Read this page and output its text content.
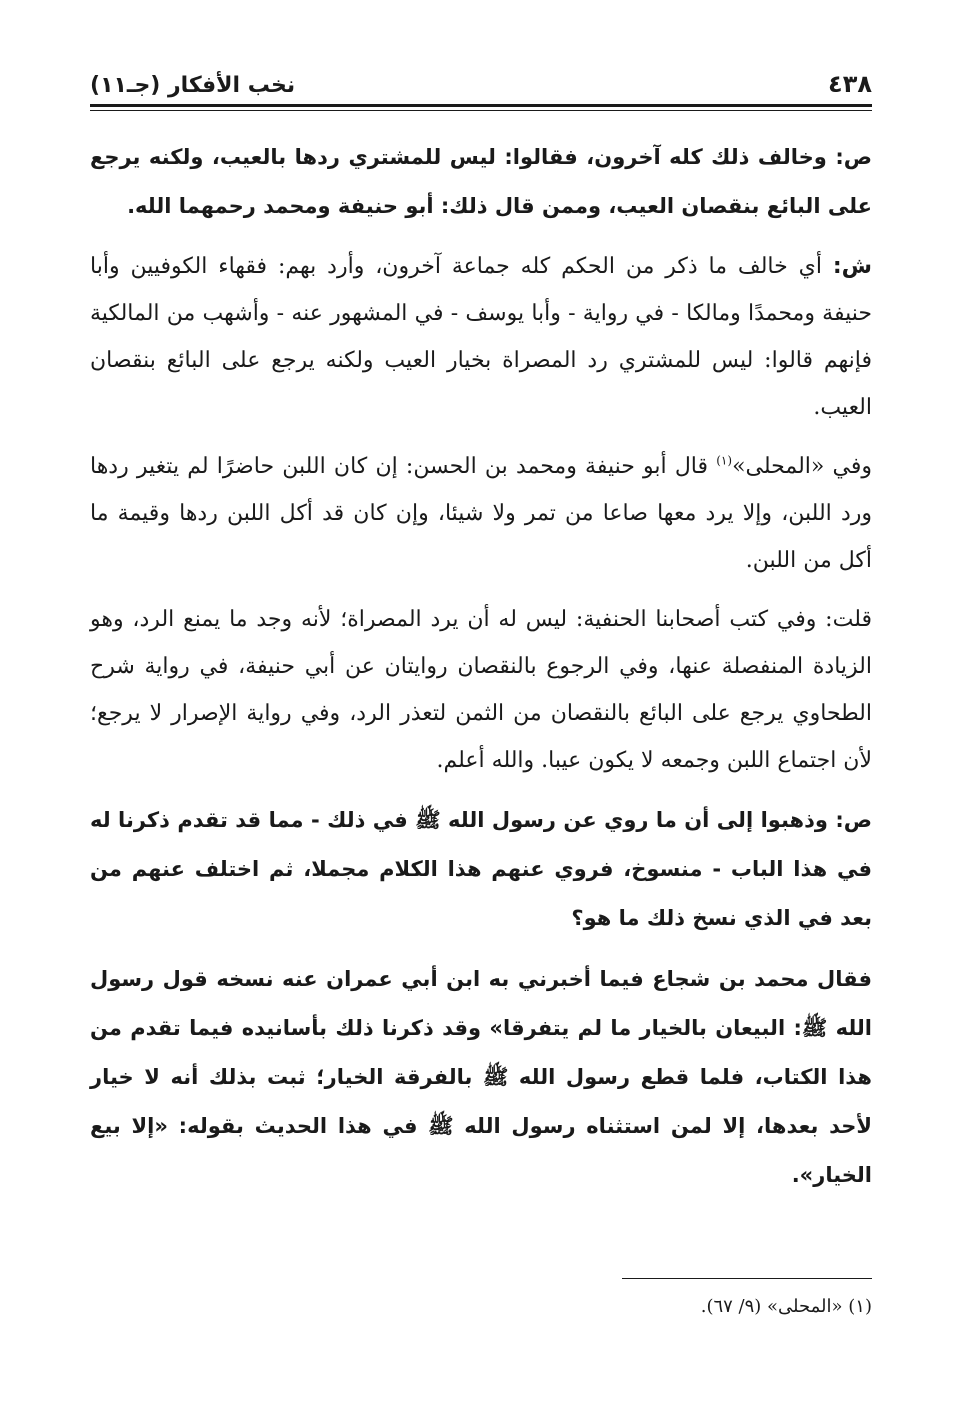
٤٣٨
نخب الأفكار (جـ١١)

ص: وخالف ذلك كله آخرون، فقالوا: ليس للمشتري ردها بالعيب، ولكنه يرجع على البائع بنقصان العيب، وممن قال ذلك: أبو حنيفة ومحمد رحمهما الله.

ش: أي خالف ما ذكر من الحكم كله جماعة آخرون، وأرد بهم: فقهاء الكوفيين وأبا حنيفة ومحمدًا ومالكا - في رواية - وأبا يوسف - في المشهور عنه - وأشهب من المالكية فإنهم قالوا: ليس للمشتري رد المصراة بخيار العيب ولكنه يرجع على البائع بنقصان العيب.

وفي «المحلى»$^{(١)}$ قال أبو حنيفة ومحمد بن الحسن: إن كان اللبن حاضرًا لم يتغير ردها ورد اللبن، وإلا يرد معها صاعا من تمر ولا شيئا، وإن كان قد أكل اللبن ردها وقيمة ما أكل من اللبن.

قلت: وفي كتب أصحابنا الحنفية: ليس له أن يرد المصراة؛ لأنه وجد ما يمنع الرد، وهو الزيادة المنفصلة عنها، وفي الرجوع بالنقصان روايتان عن أبي حنيفة، في رواية شرح الطحاوي يرجع على البائع بالنقصان من الثمن لتعذر الرد، وفي رواية الإصرار لا يرجع؛ لأن اجتماع اللبن وجمعه لا يكون عيبا. والله أعلم.

ص: وذهبوا إلى أن ما روي عن رسول الله ﷺ في ذلك - مما قد تقدم ذكرنا له في هذا الباب - منسوخ، فروي عنهم هذا الكلام مجملا، ثم اختلف عنهم من بعد في الذي نسخ ذلك ما هو؟

فقال محمد بن شجاع فيما أخبرني به ابن أبي عمران عنه نسخه قول رسول الله ﷺ: البيعان بالخيار ما لم يتفرقا» وقد ذكرنا ذلك بأسانيده فيما تقدم من هذا الكتاب، فلما قطع رسول الله ﷺ بالفرقة الخيار؛ ثبت بذلك أنه لا خيار لأحد بعدها، إلا لمن استثناه رسول الله ﷺ في هذا الحديث بقوله: «إلا بيع الخيار».

(١) «المحلى» (٩/ ٦٧).
